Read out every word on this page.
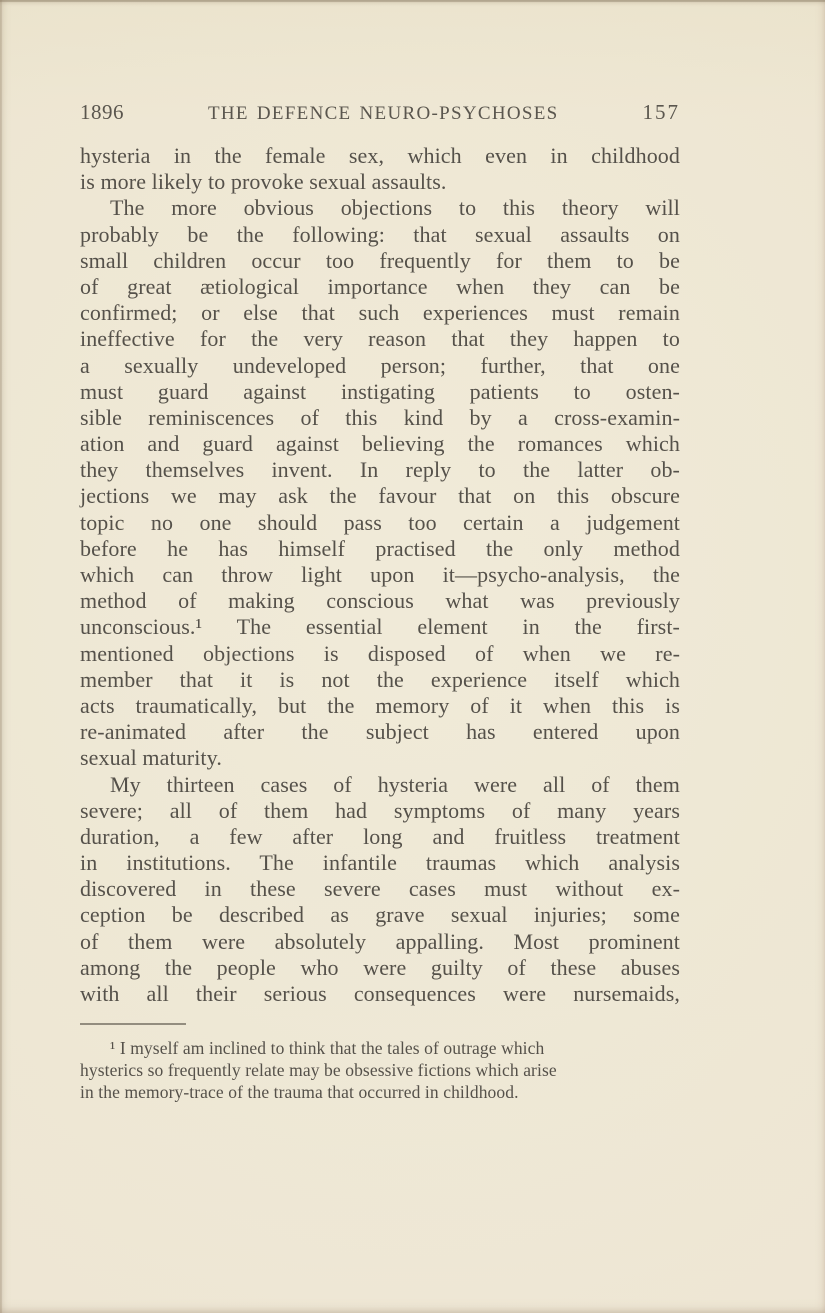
1896	THE DEFENCE NEURO-PSYCHOSES	157
hysteria in the female sex, which even in childhood
is more likely to provoke sexual assaults.
The more obvious objections to this theory will
probably be the following: that sexual assaults on
small children occur too frequently for them to be
of great ætiological importance when they can be
confirmed; or else that such experiences must remain
ineffective for the very reason that they happen to
a sexually undeveloped person; further, that one
must guard against instigating patients to osten-
sible reminiscences of this kind by a cross-examin-
ation and guard against believing the romances which
they themselves invent. In reply to the latter ob-
jections we may ask the favour that on this obscure
topic no one should pass too certain a judgement
before he has himself practised the only method
which can throw light upon it—psycho-analysis, the
method of making conscious what was previously
unconscious.¹ The essential element in the first-
mentioned objections is disposed of when we re-
member that it is not the experience itself which
acts traumatically, but the memory of it when this is
re-animated after the subject has entered upon
sexual maturity.
My thirteen cases of hysteria were all of them
severe; all of them had symptoms of many years
duration, a few after long and fruitless treatment
in institutions. The infantile traumas which analysis
discovered in these severe cases must without ex-
ception be described as grave sexual injuries; some
of them were absolutely appalling. Most prominent
among the people who were guilty of these abuses
with all their serious consequences were nursemaids,
¹ I myself am inclined to think that the tales of outrage which
hysterics so frequently relate may be obsessive fictions which arise
in the memory-trace of the trauma that occurred in childhood.
